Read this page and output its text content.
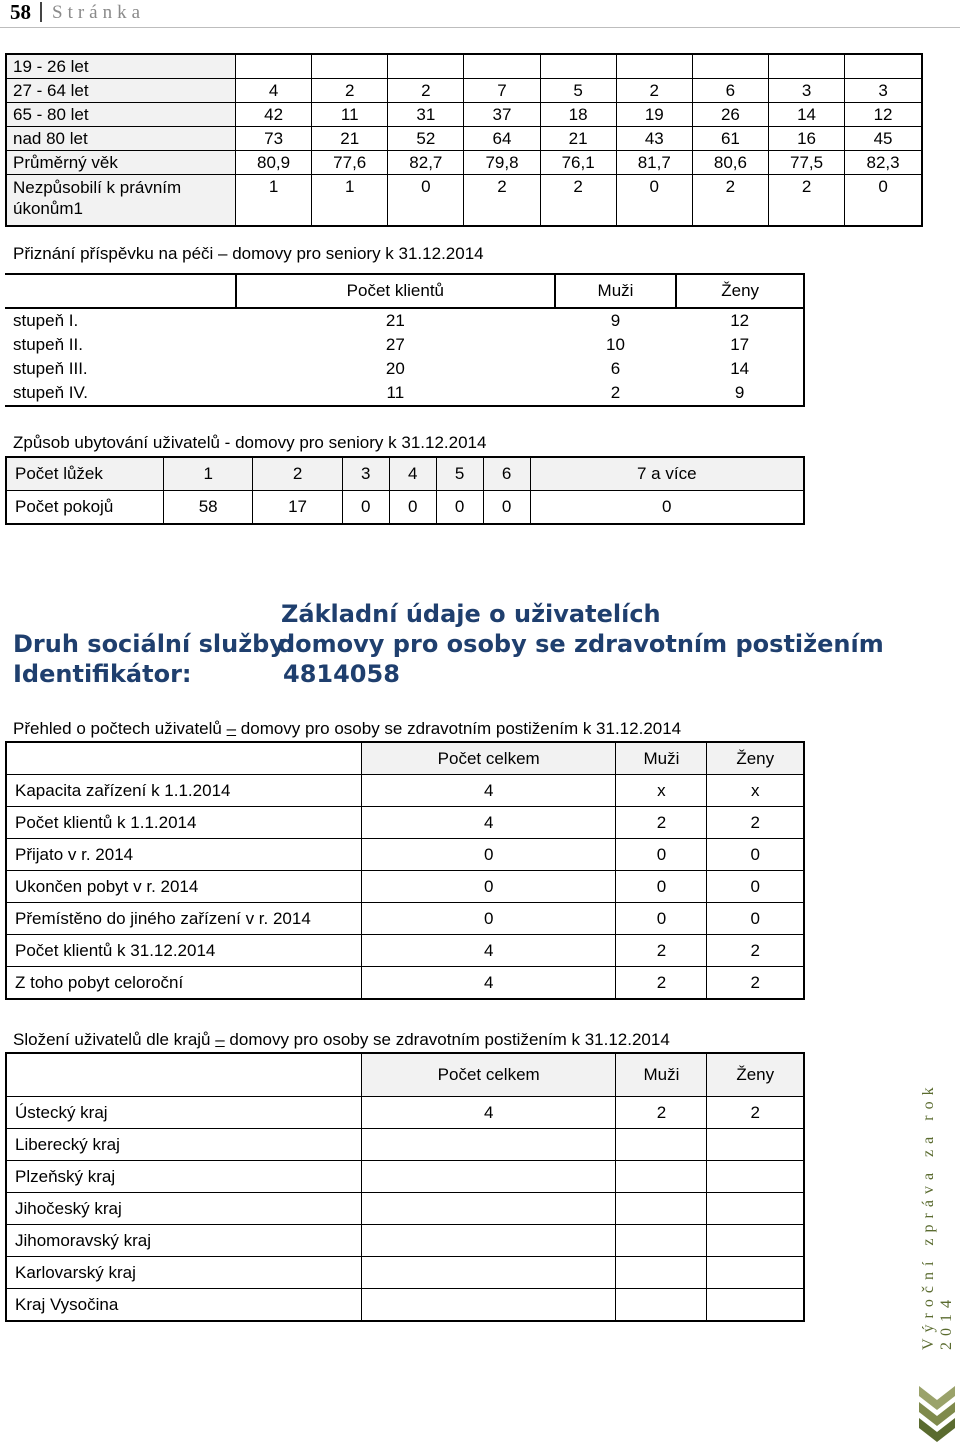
58 Stránka
19 - 26 let									
27 - 64 let	4	2	2	7	5	2	6	3	3
65 - 80 let	42	11	31	37	18	19	26	14	12
nad 80 let	73	21	52	64	21	43	61	16	45
Průměrný věk	80,9	77,6	82,7	79,8	76,1	81,7	80,6	77,5	82,3
Nezpůsobilí k právním úkonům1	1	1	0	2	2	0	2	2	0
Přiznání příspěvku na péči – domovy pro seniory k 31.12.2014
	Počet klientů	Muži	Ženy
stupeň I.	21	9	12
stupeň II.	27	10	17
stupeň III.	20	6	14
stupeň IV.	11	2	9
Způsob ubytování uživatelů - domovy pro seniory k 31.12.2014
Počet lůžek	1	2	3	4	5	6	7 a více
Počet pokojů	58	17	0	0	0	0	0
Základní údaje o uživatelích
Druh sociální služby:
domovy pro osoby se zdravotním postižením
Identifikátor:	4814058
Přehled o počtech uživatelů – domovy pro osoby se zdravotním postižením k 31.12.2014
	Počet celkem	Muži	Ženy
Kapacita zařízení k 1.1.2014	4	x	x
Počet klientů k 1.1.2014	4	2	2
Přijato v r. 2014	0	0	0
Ukončen pobyt v r. 2014	0	0	0
Přemístěno do jiného zařízení v r. 2014	0	0	0
Počet klientů k 31.12.2014	4	2	2
Z toho pobyt celoroční	4	2	2
Složení uživatelů dle krajů – domovy pro osoby se zdravotním postižením k 31.12.2014
	Počet celkem	Muži	Ženy
Ústecký kraj	4	2	2
Liberecký kraj			
Plzeňský kraj			
Jihočeský kraj			
Jihomoravský kraj			
Karlovarský kraj			
Kraj Vysočina				Výroční zpráva za rok 2014
